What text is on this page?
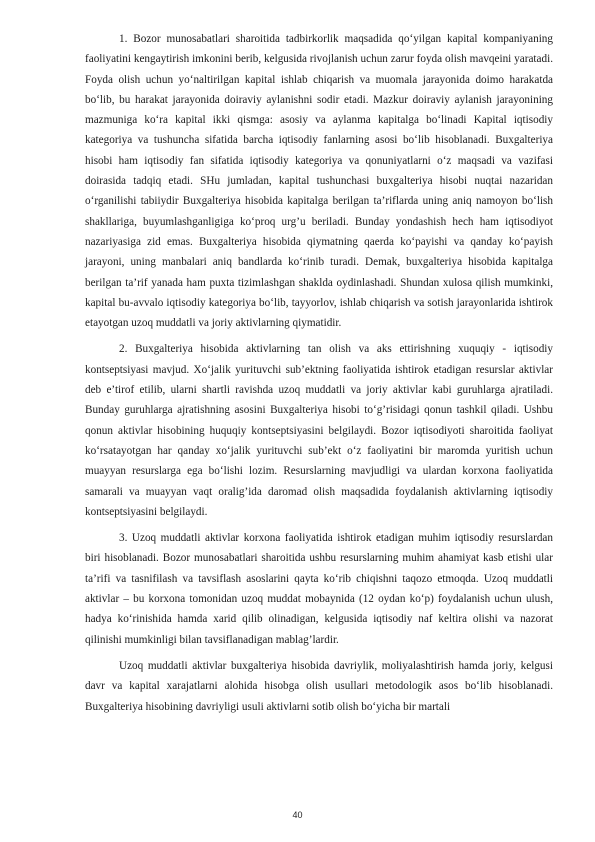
1. Bozor munosabatlari sharoitida tadbirkorlik maqsadida qo‘yilgan kapital kompaniyaning faoliyatini kengaytirish imkonini berib, kelgusida rivojlanish uchun zarur foyda olish mavqeini yaratadi. Foyda olish uchun yo‘naltirilgan kapital ishlab chiqarish va muomala jarayonida doimo harakatda bo‘lib, bu harakat jarayonida doiraviy aylanishni sodir etadi. Mazkur doiraviy aylanish jarayonining mazmuniga ko‘ra kapital ikki qismga: asosiy va aylanma kapitalga bo‘linadi Kapital iqtisodiy kategoriya va tushuncha sifatida barcha iqtisodiy fanlarning asosi bo‘lib hisoblanadi. Buxgalteriya hisobi ham iqtisodiy fan sifatida iqtisodiy kategoriya va qonuniyatlarni o‘z maqsadi va vazifasi doirasida tadqiq etadi. SHu jumladan, kapital tushunchasi buxgalteriya hisobi nuqtai nazaridan o‘rganilishi tabiiydir Buxgalteriya hisobida kapitalga berilgan ta’riflarda uning aniq namoyon bo‘lish shakllariga, buyumlashganligiga ko‘proq urg’u beriladi. Bunday yondashish hech ham iqtisodiyot nazariyasiga zid emas. Buxgalteriya hisobida qiymatning qaerda ko‘payishi va qanday ko‘payish jarayoni, uning manbalari aniq bandlarda ko‘rinib turadi. Demak, buxgalteriya hisobida kapitalga berilgan ta’rif yanada ham puxta tizimlashgan shaklda oydinlashadi. Shundan xulosa qilish mumkinki, kapital bu-avvalo iqtisodiy kategoriya bo‘lib, tayyorlov, ishlab chiqarish va sotish jarayonlarida ishtirok etayotgan uzoq muddatli va joriy aktivlarning qiymatidir.

2. Buxgalteriya hisobida aktivlarning tan olish va aks ettirishning xuquqiy - iqtisodiy kontseptsiyasi mavjud. Xo‘jalik yurituvchi sub’ektning faoliyatida ishtirok etadigan resurslar aktivlar deb e’tirof etilib, ularni shartli ravishda uzoq muddatli va joriy aktivlar kabi guruhlarga ajratiladi. Bunday guruhlarga ajratishning asosini Buxgalteriya hisobi to‘g’risidagi qonun tashkil qiladi. Ushbu qonun aktivlar hisobining huquqiy kontseptsiyasini belgilaydi. Bozor iqtisodiyoti sharoitida faoliyat ko‘rsatayotgan har qanday xo‘jalik yurituvchi sub’ekt o‘z faoliyatini bir maromda yuritish uchun muayyan resurslarga ega bo‘lishi lozim. Resurslarning mavjudligi va ulardan korxona faoliyatida samarali va muayyan vaqt oralig’ida daromad olish maqsadida foydalanish aktivlarning iqtisodiy kontseptsiyasini belgilaydi.

3. Uzoq muddatli aktivlar korxona faoliyatida ishtirok etadigan muhim iqtisodiy resurslardan biri hisoblanadi. Bozor munosabatlari sharoitida ushbu resurslarning muhim ahamiyat kasb etishi ular ta’rifi va tasnifilash va tavsiflash asoslarini qayta ko‘rib chiqishni taqozo etmoqda. Uzoq muddatli aktivlar – bu korxona tomonidan uzoq muddat mobaynida (12 oydan ko‘p) foydalanish uchun ulush, hadya ko‘rinishida hamda xarid qilib olinadigan, kelgusida iqtisodiy naf keltira olishi va nazorat qilinishi mumkinligi bilan tavsiflanadigan mablag’lardir.

Uzoq muddatli aktivlar buxgalteriya hisobida davriylik, moliyalashtirish hamda joriy, kelgusi davr va kapital xarajatlarni alohida hisobga olish usullari metodologik asos bo‘lib hisoblanadi. Buxgalteriya hisobining davriyligi usuli aktivlarni sotib olish bo‘yicha bir martali

40
